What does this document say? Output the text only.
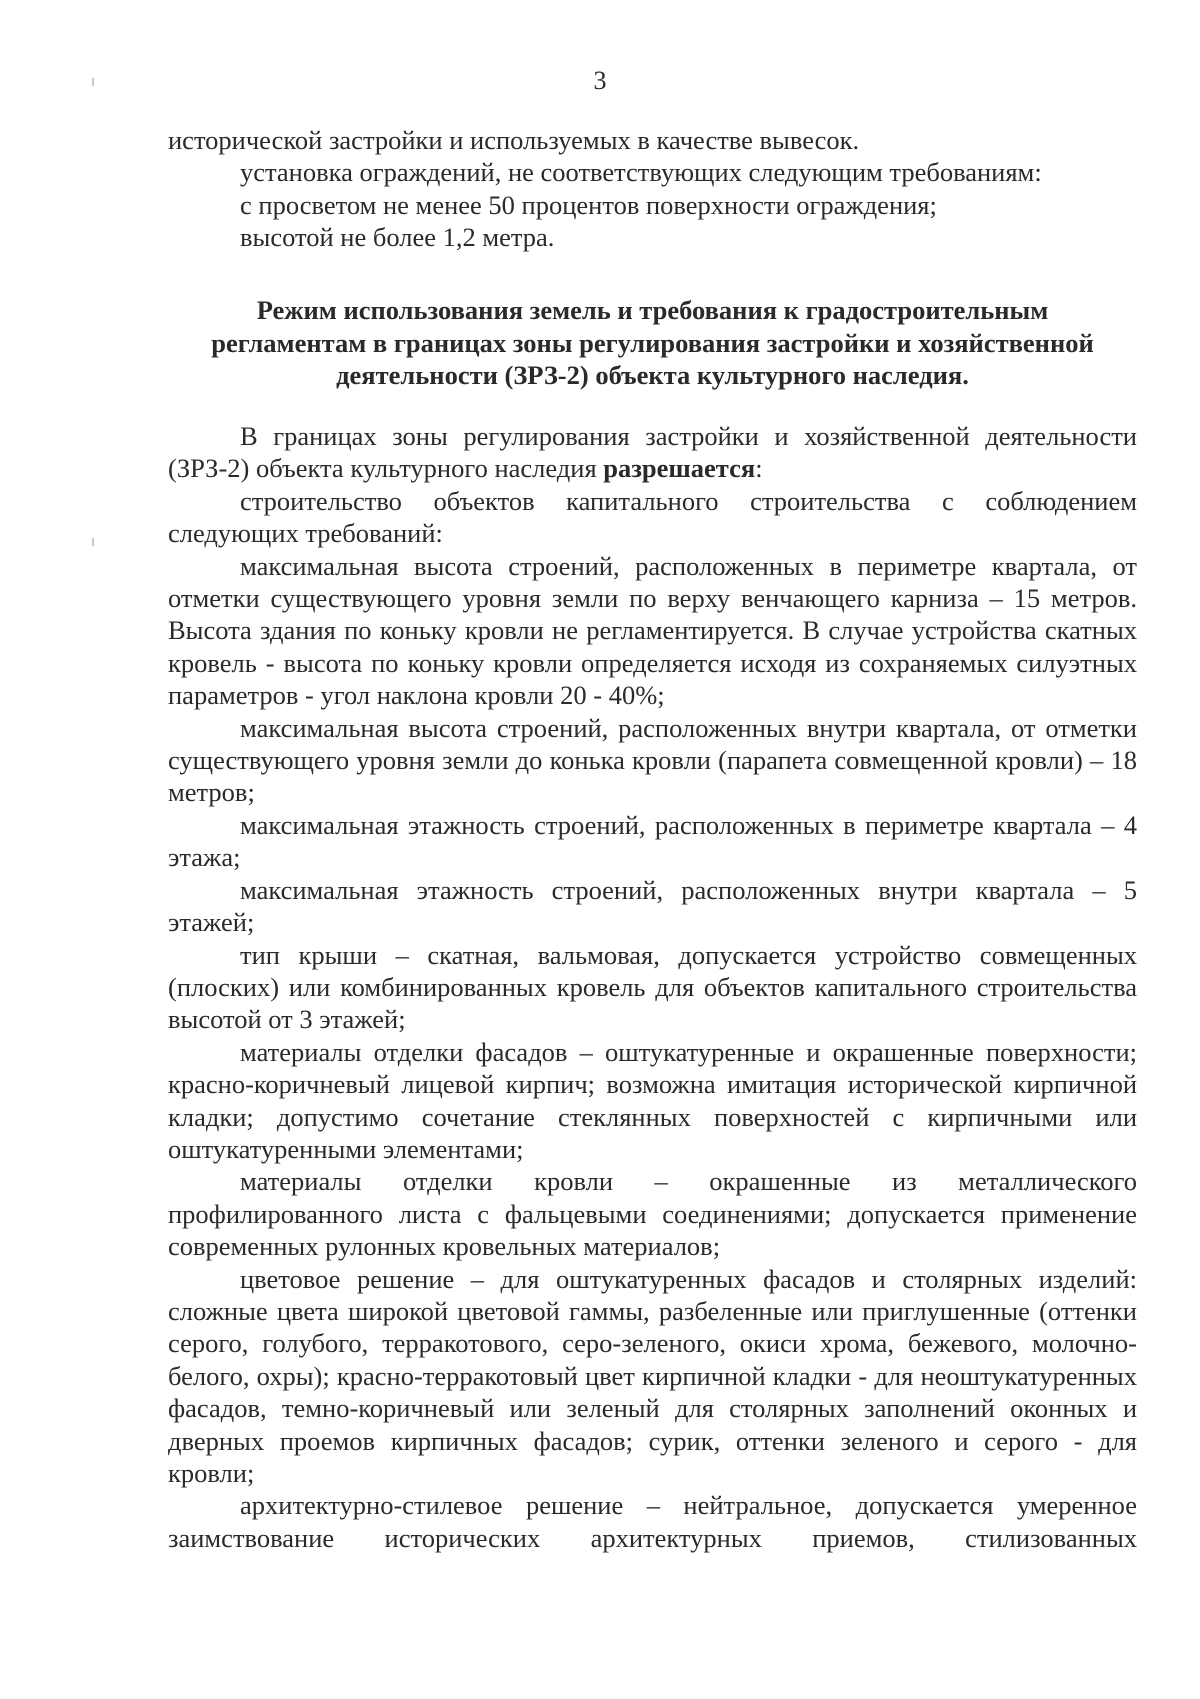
3

исторической застройки и используемых в качестве вывесок.

установка ограждений, не соответствующих следующим требованиям:

с просветом не менее 50 процентов поверхности ограждения;

высотой не более 1,2 метра.

Режим использования земель и требования к градостроительным
регламентам в границах зоны регулирования застройки и хозяйственной
деятельности (ЗРЗ-2) объекта культурного наследия.

В границах зоны регулирования застройки и хозяйственной деятельности (ЗРЗ-2) объекта культурного наследия разрешается:

строительство объектов капитального строительства с соблюдением следующих требований:

максимальная высота строений, расположенных в периметре квартала, от отметки существующего уровня земли по верху венчающего карниза – 15 метров. Высота здания по коньку кровли не регламентируется. В случае устройства скатных кровель - высота по коньку кровли определяется исходя из сохраняемых силуэтных параметров - угол наклона кровли 20 - 40%;

максимальная высота строений, расположенных внутри квартала, от отметки существующего уровня земли до конька кровли (парапета совмещенной кровли) – 18 метров;

максимальная этажность строений, расположенных в периметре квартала – 4 этажа;

максимальная этажность строений, расположенных внутри квартала – 5 этажей;

тип крыши – скатная, вальмовая, допускается устройство совмещенных (плоских) или комбинированных кровель для объектов капитального строительства высотой от 3 этажей;

материалы отделки фасадов – оштукатуренные и окрашенные поверхности; красно-коричневый лицевой кирпич; возможна имитация исторической кирпичной кладки; допустимо сочетание стеклянных поверхностей с кирпичными или оштукатуренными элементами;

материалы отделки кровли – окрашенные из металлического профилированного листа с фальцевыми соединениями; допускается применение современных рулонных кровельных материалов;

цветовое решение – для оштукатуренных фасадов и столярных изделий: сложные цвета широкой цветовой гаммы, разбеленные или приглушенные (оттенки серого, голубого, терракотового, серо-зеленого, окиси хрома, бежевого, молочно-белого, охры); красно-терракотовый цвет кирпичной кладки - для неоштукатуренных фасадов, темно-коричневый или зеленый для столярных заполнений оконных и дверных проемов кирпичных фасадов; сурик, оттенки зеленого и серого - для кровли;

архитектурно-стилевое решение – нейтральное, допускается умеренное заимствование исторических архитектурных приемов, стилизованных
